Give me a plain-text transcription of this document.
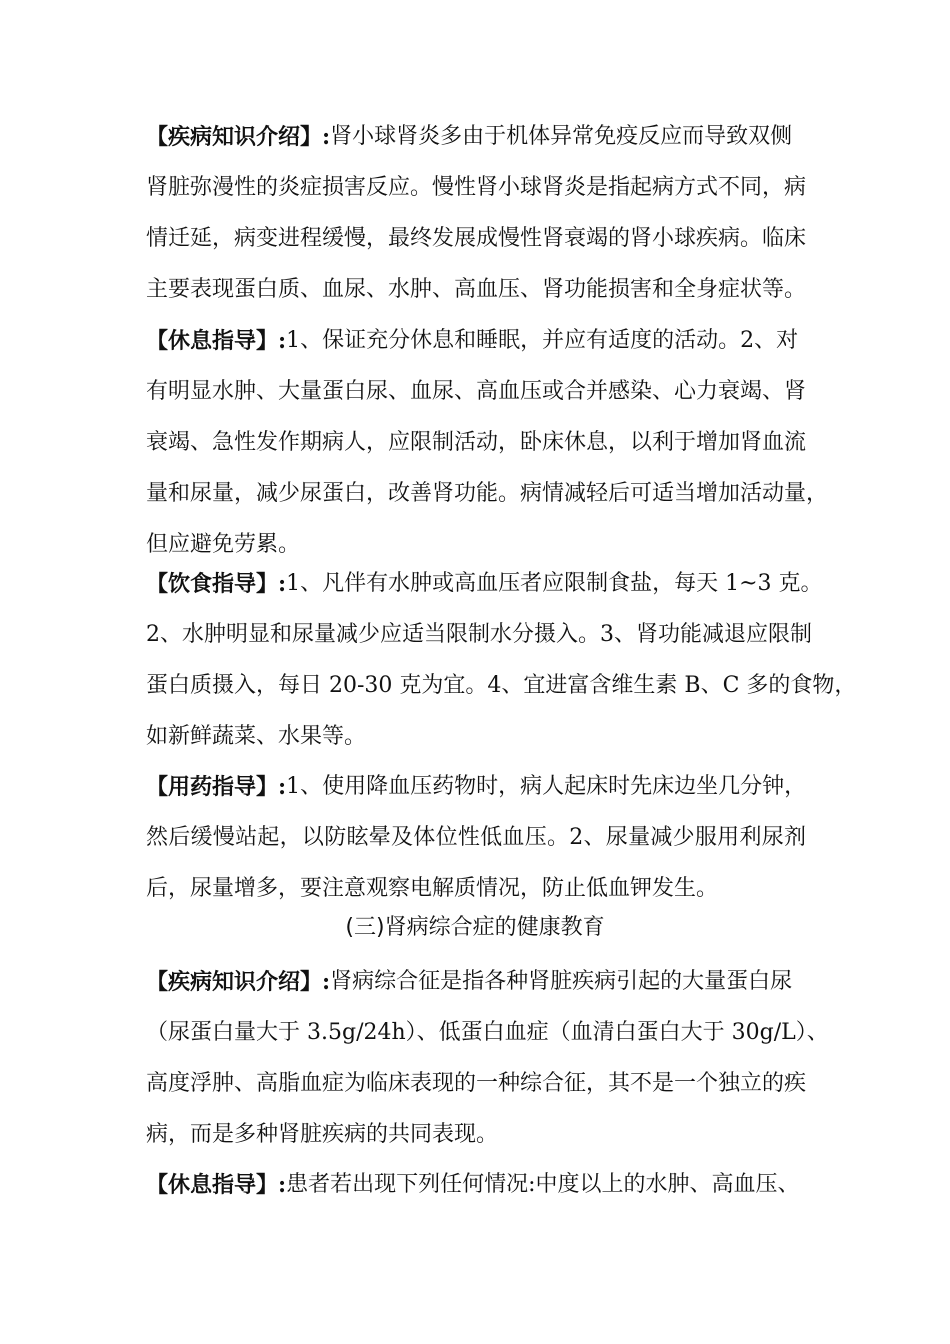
【疾病知识介绍】: 肾小球肾炎多由于机体异常免疫反应而导致双侧
肾脏弥漫性的炎症损害反应。慢性肾小球肾炎是指起病方式不同，病
情迁延，病变进程缓慢，最终发展成慢性肾衰竭的肾小球疾病。临床
主要表现蛋白质、血尿、水肿、高血压、肾功能损害和全身症状等。
【休息指导】: 1、保证充分休息和睡眠，并应有适度的活动。2、对
有明显水肿、大量蛋白尿、血尿、高血压或合并感染、心力衰竭、肾
衰竭、急性发作期病人，应限制活动，卧床休息，以利于增加肾血流
量和尿量，减少尿蛋白，改善肾功能。病情减轻后可适当增加活动量，
但应避免劳累。
【饮食指导】: 1、凡伴有水肿或高血压者应限制食盐，每天 1~3 克。
2、水肿明显和尿量减少应适当限制水分摄入。3、肾功能减退应限制
蛋白质摄入，每日 20-30 克为宜。4、宜进富含维生素 B、C 多的食物，
如新鲜蔬菜、水果等。
【用药指导】: 1、使用降血压药物时，病人起床时先床边坐几分钟，
然后缓慢站起，以防眩晕及体位性低血压。2、尿量减少服用利尿剂
后，尿量增多，要注意观察电解质情况，防止低血钾发生。
(三)肾病综合症的健康教育
【疾病知识介绍】: 肾病综合征是指各种肾脏疾病引起的大量蛋白尿
（尿蛋白量大于 3.5g/24h）、低蛋白血症（血清白蛋白大于 30g/L）、
高度浮肿、高脂血症为临床表现的一种综合征，其不是一个独立的疾
病，而是多种肾脏疾病的共同表现。
【休息指导】: 患者若出现下列任何情况:中度以上的水肿、高血压、
